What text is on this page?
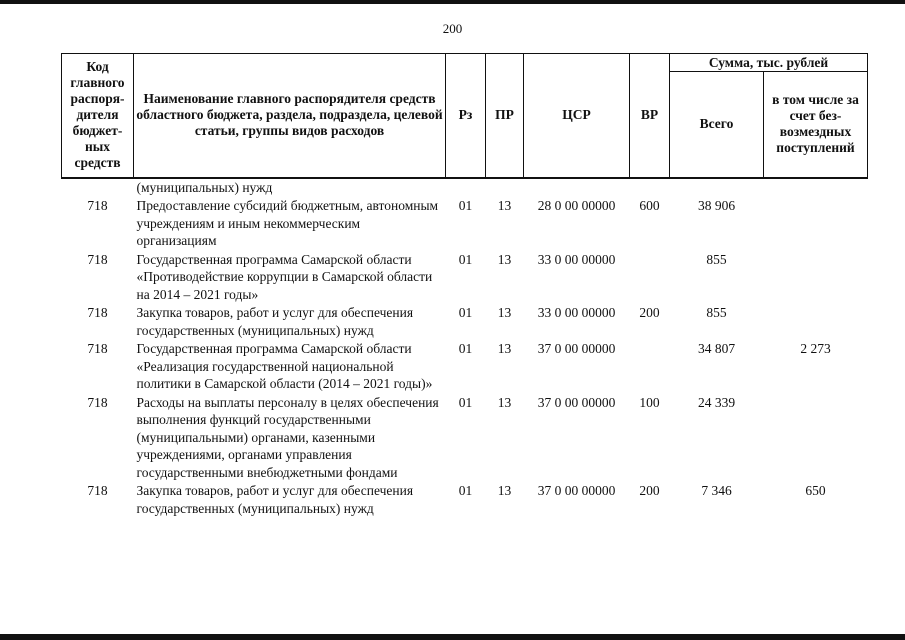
200
Код главного распоря-дителя бюджет-ных средств	Наименование главного распорядителя средств областного бюджета, раздела, подраздела, целевой статьи, группы видов расходов	Рз	ПР	ЦСР	ВР	Сумма, тыс. рублей	
						Всего	в том числе за счет без-возмездных поступлений
	(муниципальных) нужд						
718	Предоставление субсидий бюджетным, автономным учреждениям и иным некоммерческим организациям	01	13	28 0 00 00000	600	38 906	
718	Государственная программа Самарской области «Противодействие коррупции в Самарской области на 2014 – 2021 годы»	01	13	33 0 00 00000		855	
718	Закупка товаров, работ и услуг для обеспечения государственных (муниципальных) нужд	01	13	33 0 00 00000	200	855	
718	Государственная программа Самарской области «Реализация государственной национальной политики в Самарской области (2014 – 2021 годы)»	01	13	37 0 00 00000		34 807	2 273
718	Расходы на выплаты персоналу в целях обеспечения выполнения функций государственными (муниципальными) органами, казенными учреждениями, органами управления государственными внебюджетными фондами	01	13	37 0 00 00000	100	24 339	
718	Закупка товаров, работ и услуг для обеспечения государственных (муниципальных) нужд	01	13	37 0 00 00000	200	7 346	650
